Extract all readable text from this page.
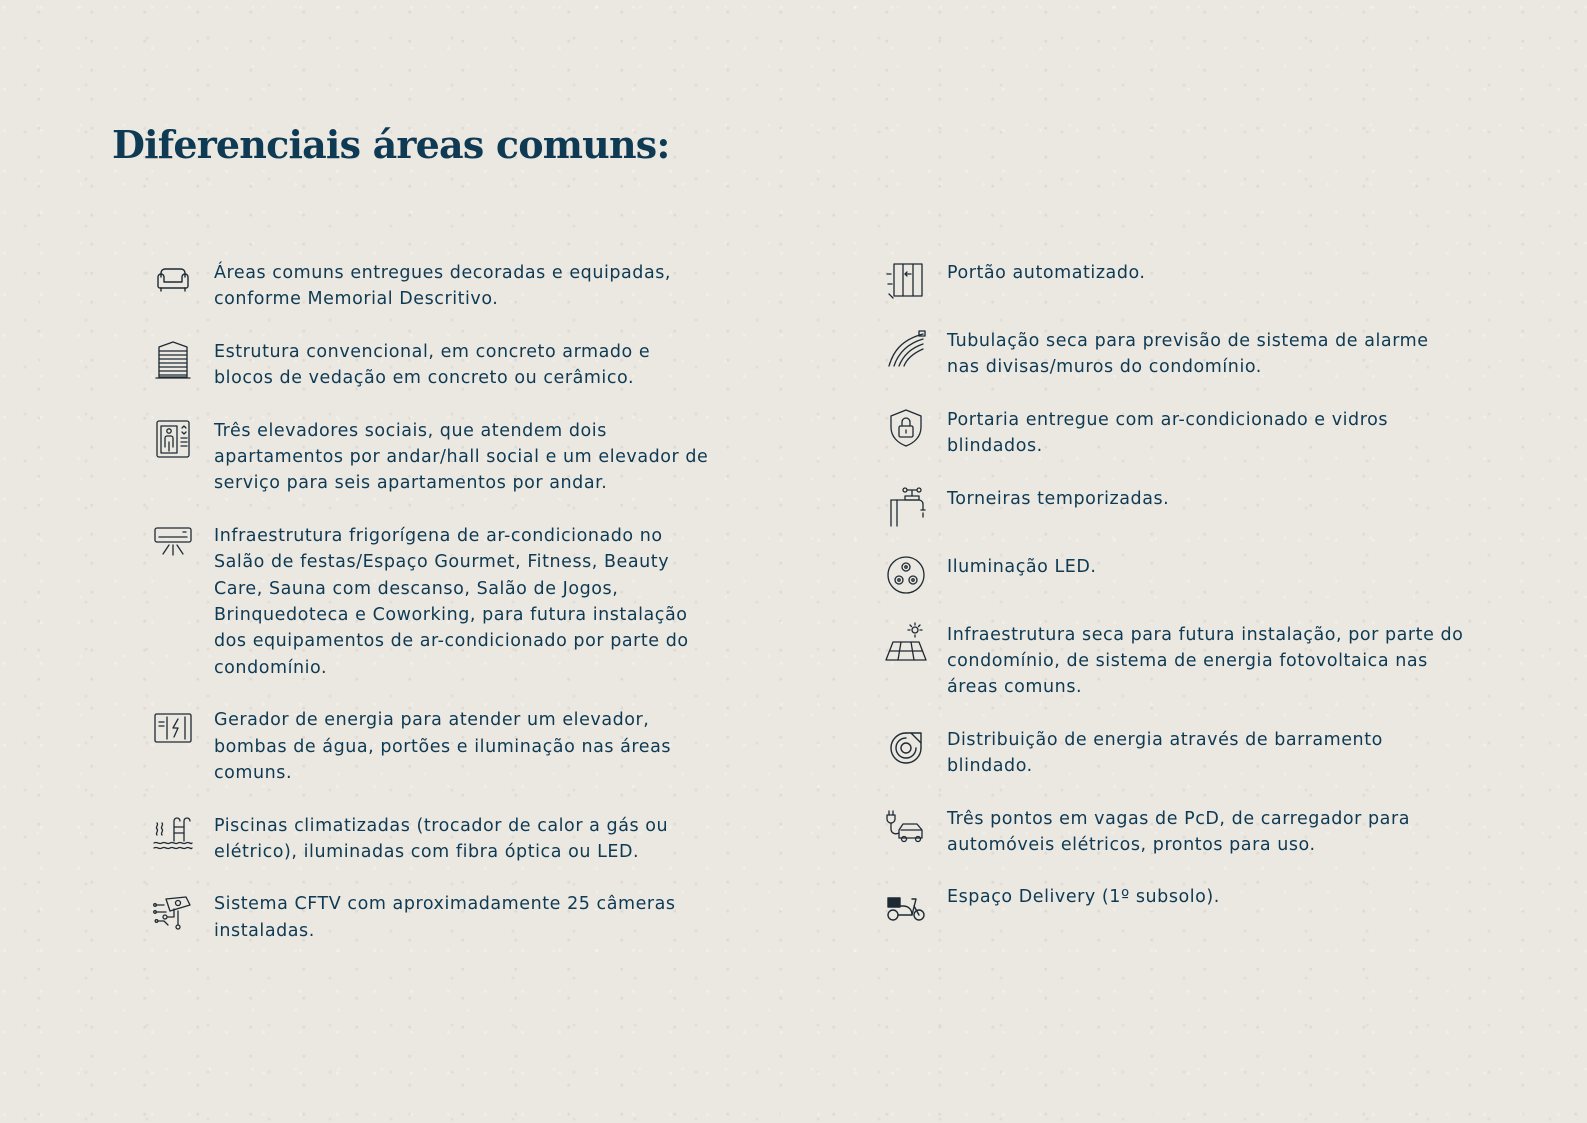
Diferenciais áreas comuns:
Áreas comuns entregues decoradas e equipadas, conforme Memorial Descritivo.
Estrutura convencional, em concreto armado e blocos de vedação em concreto ou cerâmico.
Três elevadores sociais, que atendem dois apartamentos por andar/hall social e um elevador de serviço para seis apartamentos por andar.
Infraestrutura frigorígena de ar-condicionado no Salão de festas/Espaço Gourmet, Fitness, Beauty Care, Sauna com descanso, Salão de Jogos, Brinquedoteca e Coworking, para futura instalação dos equipamentos de ar-condicionado por parte do condomínio.
Gerador de energia para atender um elevador, bombas de água, portões e iluminação nas áreas comuns.
Piscinas climatizadas (trocador de calor a gás ou elétrico), iluminadas com fibra óptica ou LED.
Sistema CFTV com aproximadamente 25 câmeras instaladas.
Portão automatizado.
Tubulação seca para previsão de sistema de alarme nas divisas/muros do condomínio.
Portaria entregue com ar-condicionado e vidros blindados.
Torneiras temporizadas.
Iluminação LED.
Infraestrutura seca para futura instalação, por parte do condomínio, de sistema de energia fotovoltaica nas áreas comuns.
Distribuição de energia através de barramento blindado.
Três pontos em vagas de PcD, de carregador para automóveis elétricos, prontos para uso.
Espaço Delivery (1º subsolo).
